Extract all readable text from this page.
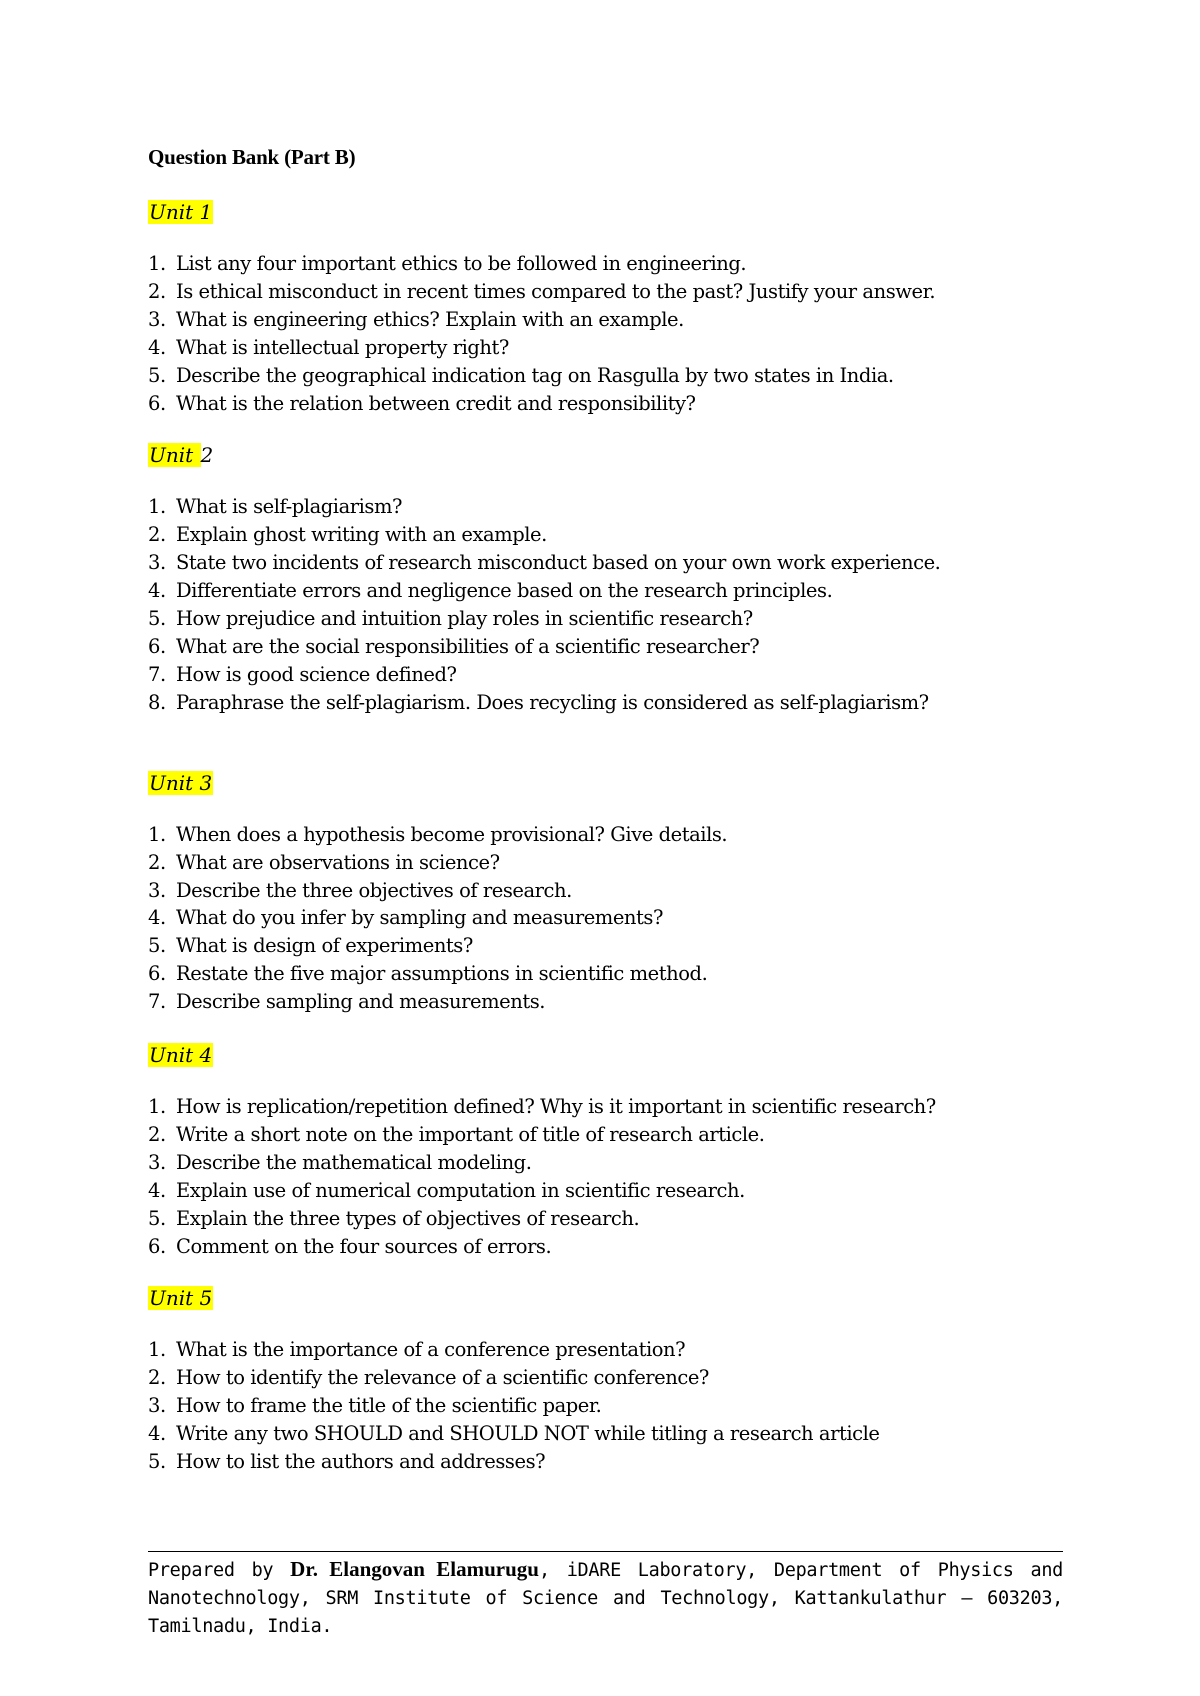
Question Bank (Part B)
Unit 1
1. List any four important ethics to be followed in engineering.
2. Is ethical misconduct in recent times compared to the past? Justify your answer.
3. What is engineering ethics? Explain with an example.
4. What is intellectual property right?
5. Describe the geographical indication tag on Rasgulla by two states in India.
6. What is the relation between credit and responsibility?
Unit 2
1. What is self-plagiarism?
2. Explain ghost writing with an example.
3. State two incidents of research misconduct based on your own work experience.
4. Differentiate errors and negligence based on the research principles.
5. How prejudice and intuition play roles in scientific research?
6. What are the social responsibilities of a scientific researcher?
7. How is good science defined?
8. Paraphrase the self-plagiarism. Does recycling is considered as self-plagiarism?
Unit 3
1. When does a hypothesis become provisional? Give details.
2. What are observations in science?
3. Describe the three objectives of research.
4. What do you infer by sampling and measurements?
5. What is design of experiments?
6. Restate the five major assumptions in scientific method.
7. Describe sampling and measurements.
Unit 4
1. How is replication/repetition defined? Why is it important in scientific research?
2. Write a short note on the important of title of research article.
3. Describe the mathematical modeling.
4. Explain use of numerical computation in scientific research.
5. Explain the three types of objectives of research.
6. Comment on the four sources of errors.
Unit 5
1. What is the importance of a conference presentation?
2. How to identify the relevance of a scientific conference?
3. How to frame the title of the scientific paper.
4. Write any two SHOULD and SHOULD NOT while titling a research article
5. How to list the authors and addresses?
Prepared by Dr. Elangovan Elamurugu, iDARE Laboratory, Department of Physics and Nanotechnology, SRM Institute of Science and Technology, Kattankulathur – 603203, Tamilnadu, India.
